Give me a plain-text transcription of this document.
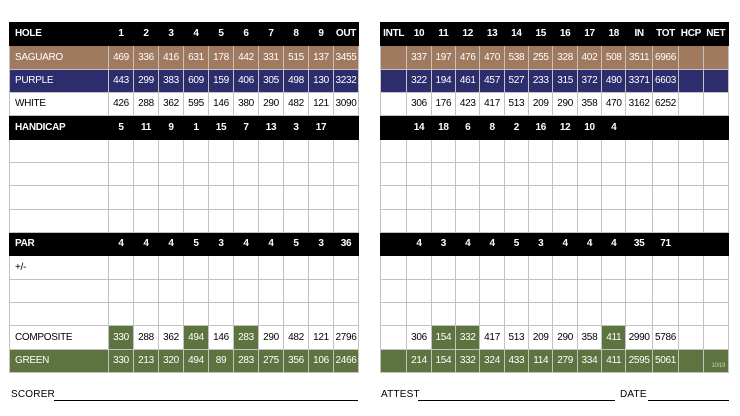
HOLE	1	2	3	4	5	6	7	8	9	OUT
SAGUARO	469	336	416	631	178	442	331	515	137	3455
PURPLE	443	299	383	609	159	406	305	498	130	3232
WHITE	426	288	362	595	146	380	290	482	121	3090
HANDICAP	5	11	9	1	15	7	13	3	17	

PAR	4	4	4	5	3	4	4	5	3	36
+/-										

COMPOSITE	330	288	362	494	146	283	290	482	121	2796
GREEN	330	213	320	494	89	283	275	356	106	2466
INTL	10	11	12	13	14	15	16	17	18	IN	TOT	HCP	NET
	337	197	476	470	538	255	328	402	508	3511	6966		
	322	194	461	457	527	233	315	372	490	3371	6603		
	306	176	423	417	513	209	290	358	470	3162	6252		
	14	18	6	8	2	16	12	10	4				

	4	3	4	4	5	3	4	4	4	35	71		

	306	154	332	417	513	209	290	358	411	2990	5786		
	214	154	332	324	433	114	279	334	411	2595	5061		10/19
SCORER	ATTEST	DATE
